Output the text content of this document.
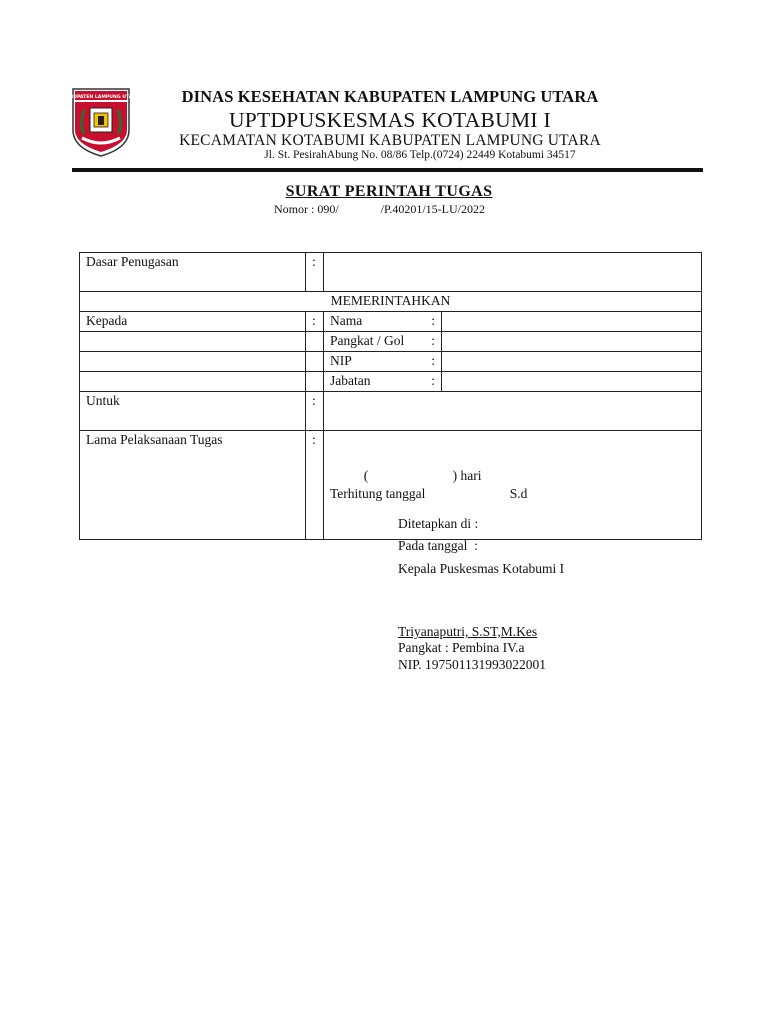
KABUPATEN LAMPUNG UTARA	DINAS KESEHATAN KABUPATEN LAMPUNG UTARA
UPTDPUSKESMAS KOTABUMI I
KECAMATAN KOTABUMI KABUPATEN LAMPUNG UTARA
Jl. St. PesirahAbung No. 08/86 Telp.(0724) 22449 Kotabumi 34517
SURAT PERINTAH TUGAS
Nomor : 090/              /P.40201/15-LU/2022
Dasar Penugasan	:		
MEMERINTAHKAN			
Kepada	:	Nama :	

		Pangkat / Gol :	

		NIP :	

		Jabatan :	

Untuk	:		
Lama Pelaksanaan Tugas	:	(                         ) hari
Terhitung tanggal                         S.d	

Ditetapkan di :
Pada tanggal  :
Kepala Puskesmas Kotabumi I
Triyanaputri, S.ST,M.Kes
Pangkat : Pembina IV.a
NIP. 197501131993022001
